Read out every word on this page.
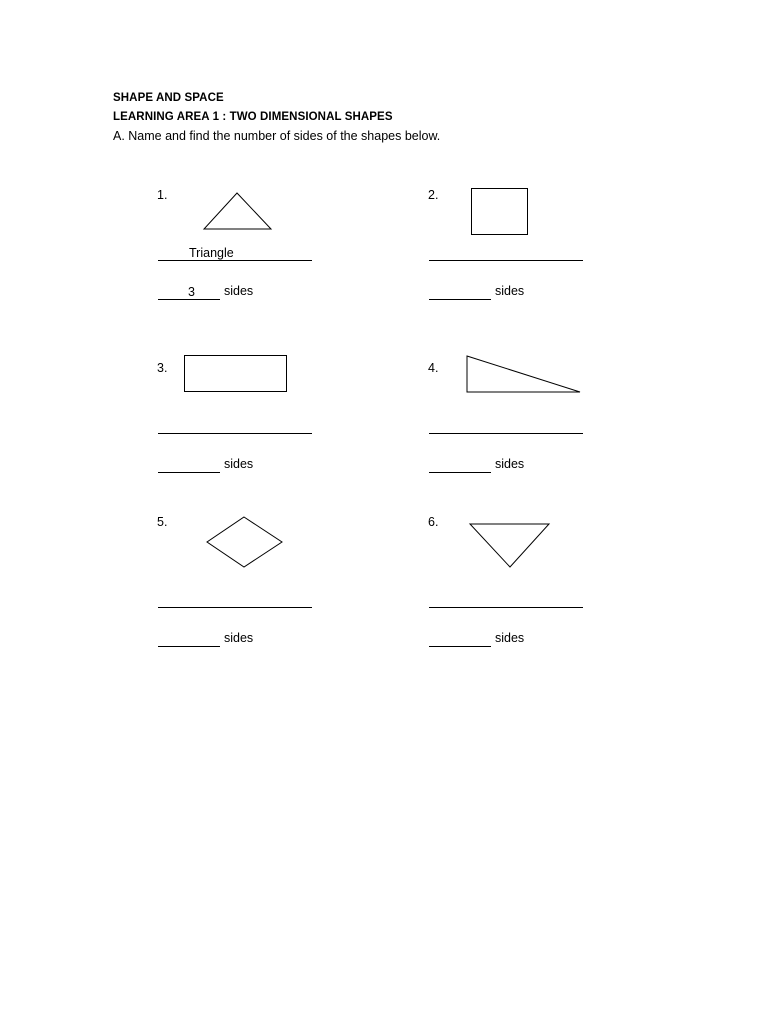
SHAPE AND SPACE
LEARNING AREA 1 : TWO DIMENSIONAL SHAPES
A. Name and find the number of sides of the shapes below.
1.
Triangle
3 sides
2.
sides
3.
sides
4.
sides
5.
sides
6.
sides
